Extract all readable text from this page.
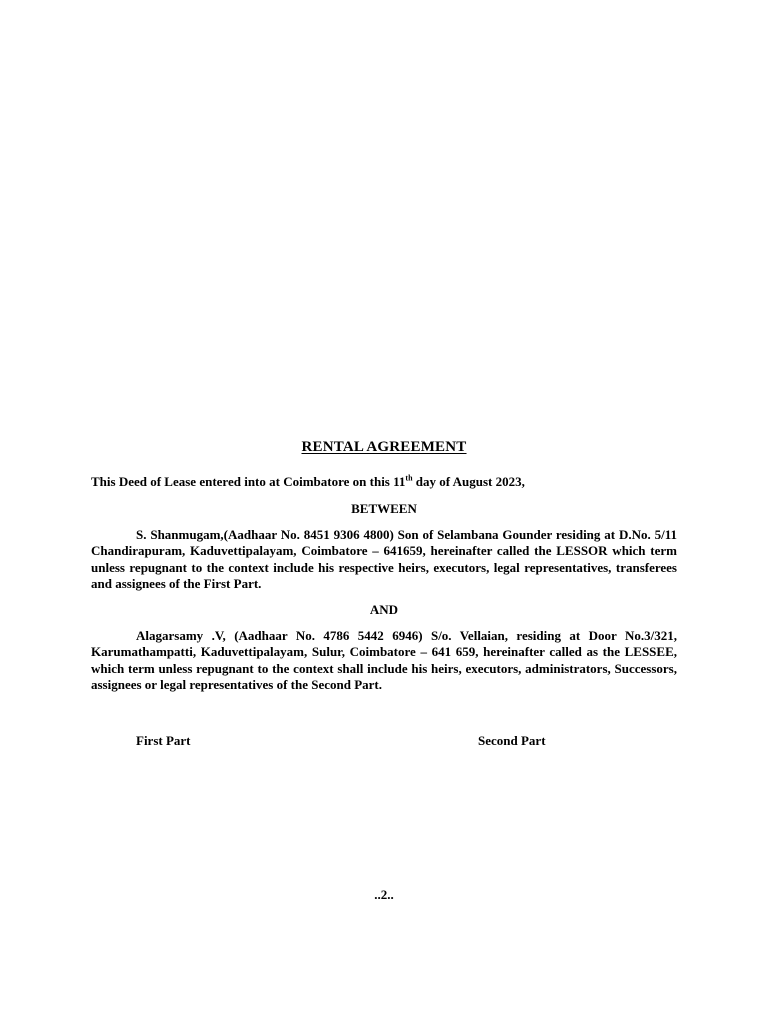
RENTAL AGREEMENT
This Deed of Lease entered into at Coimbatore on this 11th day of August 2023,
BETWEEN
S. Shanmugam,(Aadhaar No. 8451 9306 4800) Son of Selambana Gounder residing at D.No. 5/11 Chandirapuram, Kaduvettipalayam, Coimbatore – 641659, hereinafter called the LESSOR which term unless repugnant to the context include his respective heirs, executors, legal representatives, transferees and assignees of the First Part.
AND
Alagarsamy .V, (Aadhaar No. 4786 5442 6946) S/o. Vellaian, residing at Door No.3/321, Karumathampatti, Kaduvettipalayam, Sulur, Coimbatore – 641 659, hereinafter called as the LESSEE, which term unless repugnant to the context shall include his heirs, executors, administrators, Successors, assignees or legal representatives of the Second Part.
First Part	Second Part
..2..
